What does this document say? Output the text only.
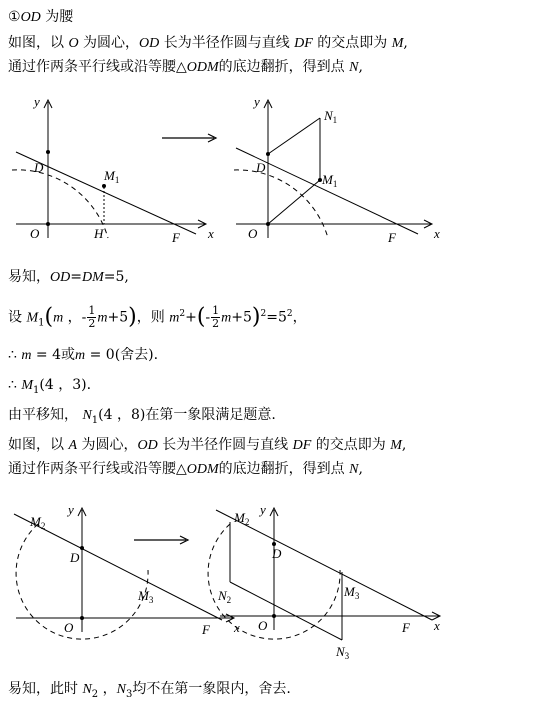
①OD 为腰
如图，以 O 为圆心，OD 长为半径作圆与直线 DF 的交点即为 M,
通过作两条平行线或沿等腰△ODM的底边翻折，得到点 N,
y
x
D
O	H	F
$M_1$
y
x
D
O	F
$N_1$
$M_1$
易知，OD=DM=5,
设 $M_1(m$ ，- $\frac{1}{2} m+5$)，则 $m^2+(- \frac{1}{2} m+5)^2=5^2$，
∴ m = 4或m = 0(舍去).
∴ $M_1(4$ ，3).
由平移知， $N_1(4$ ，8)在第一象限满足题意.
如图，以 A 为圆心，OD 长为半径作圆与直线 DF 的交点即为 M,
通过作两条平行线或沿等腰△ODM的底边翻折，得到点 N,
y
x
D
O	F
$M_2$
$M_3$
y
x
D
O	F
$M_2$
$N_2$
$M_3$
$N_3$
易知，此时 $N_2$ ，$N_3$均不在第一象限内，舍去.
